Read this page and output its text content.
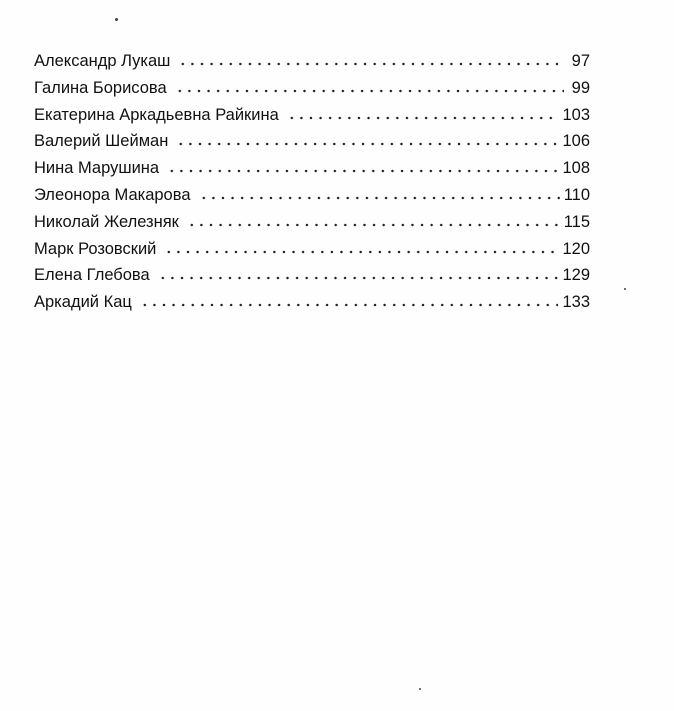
Александр Лукаш	97
Галина Борисова	99
Екатерина Аркадьевна Райкина	103
Валерий Шейман	106
Нина Марушина	108
Элеонора Макарова	110
Николай Железняк	115
Марк Розовский	120
Елена Глебова	129
Аркадий Кац	133
